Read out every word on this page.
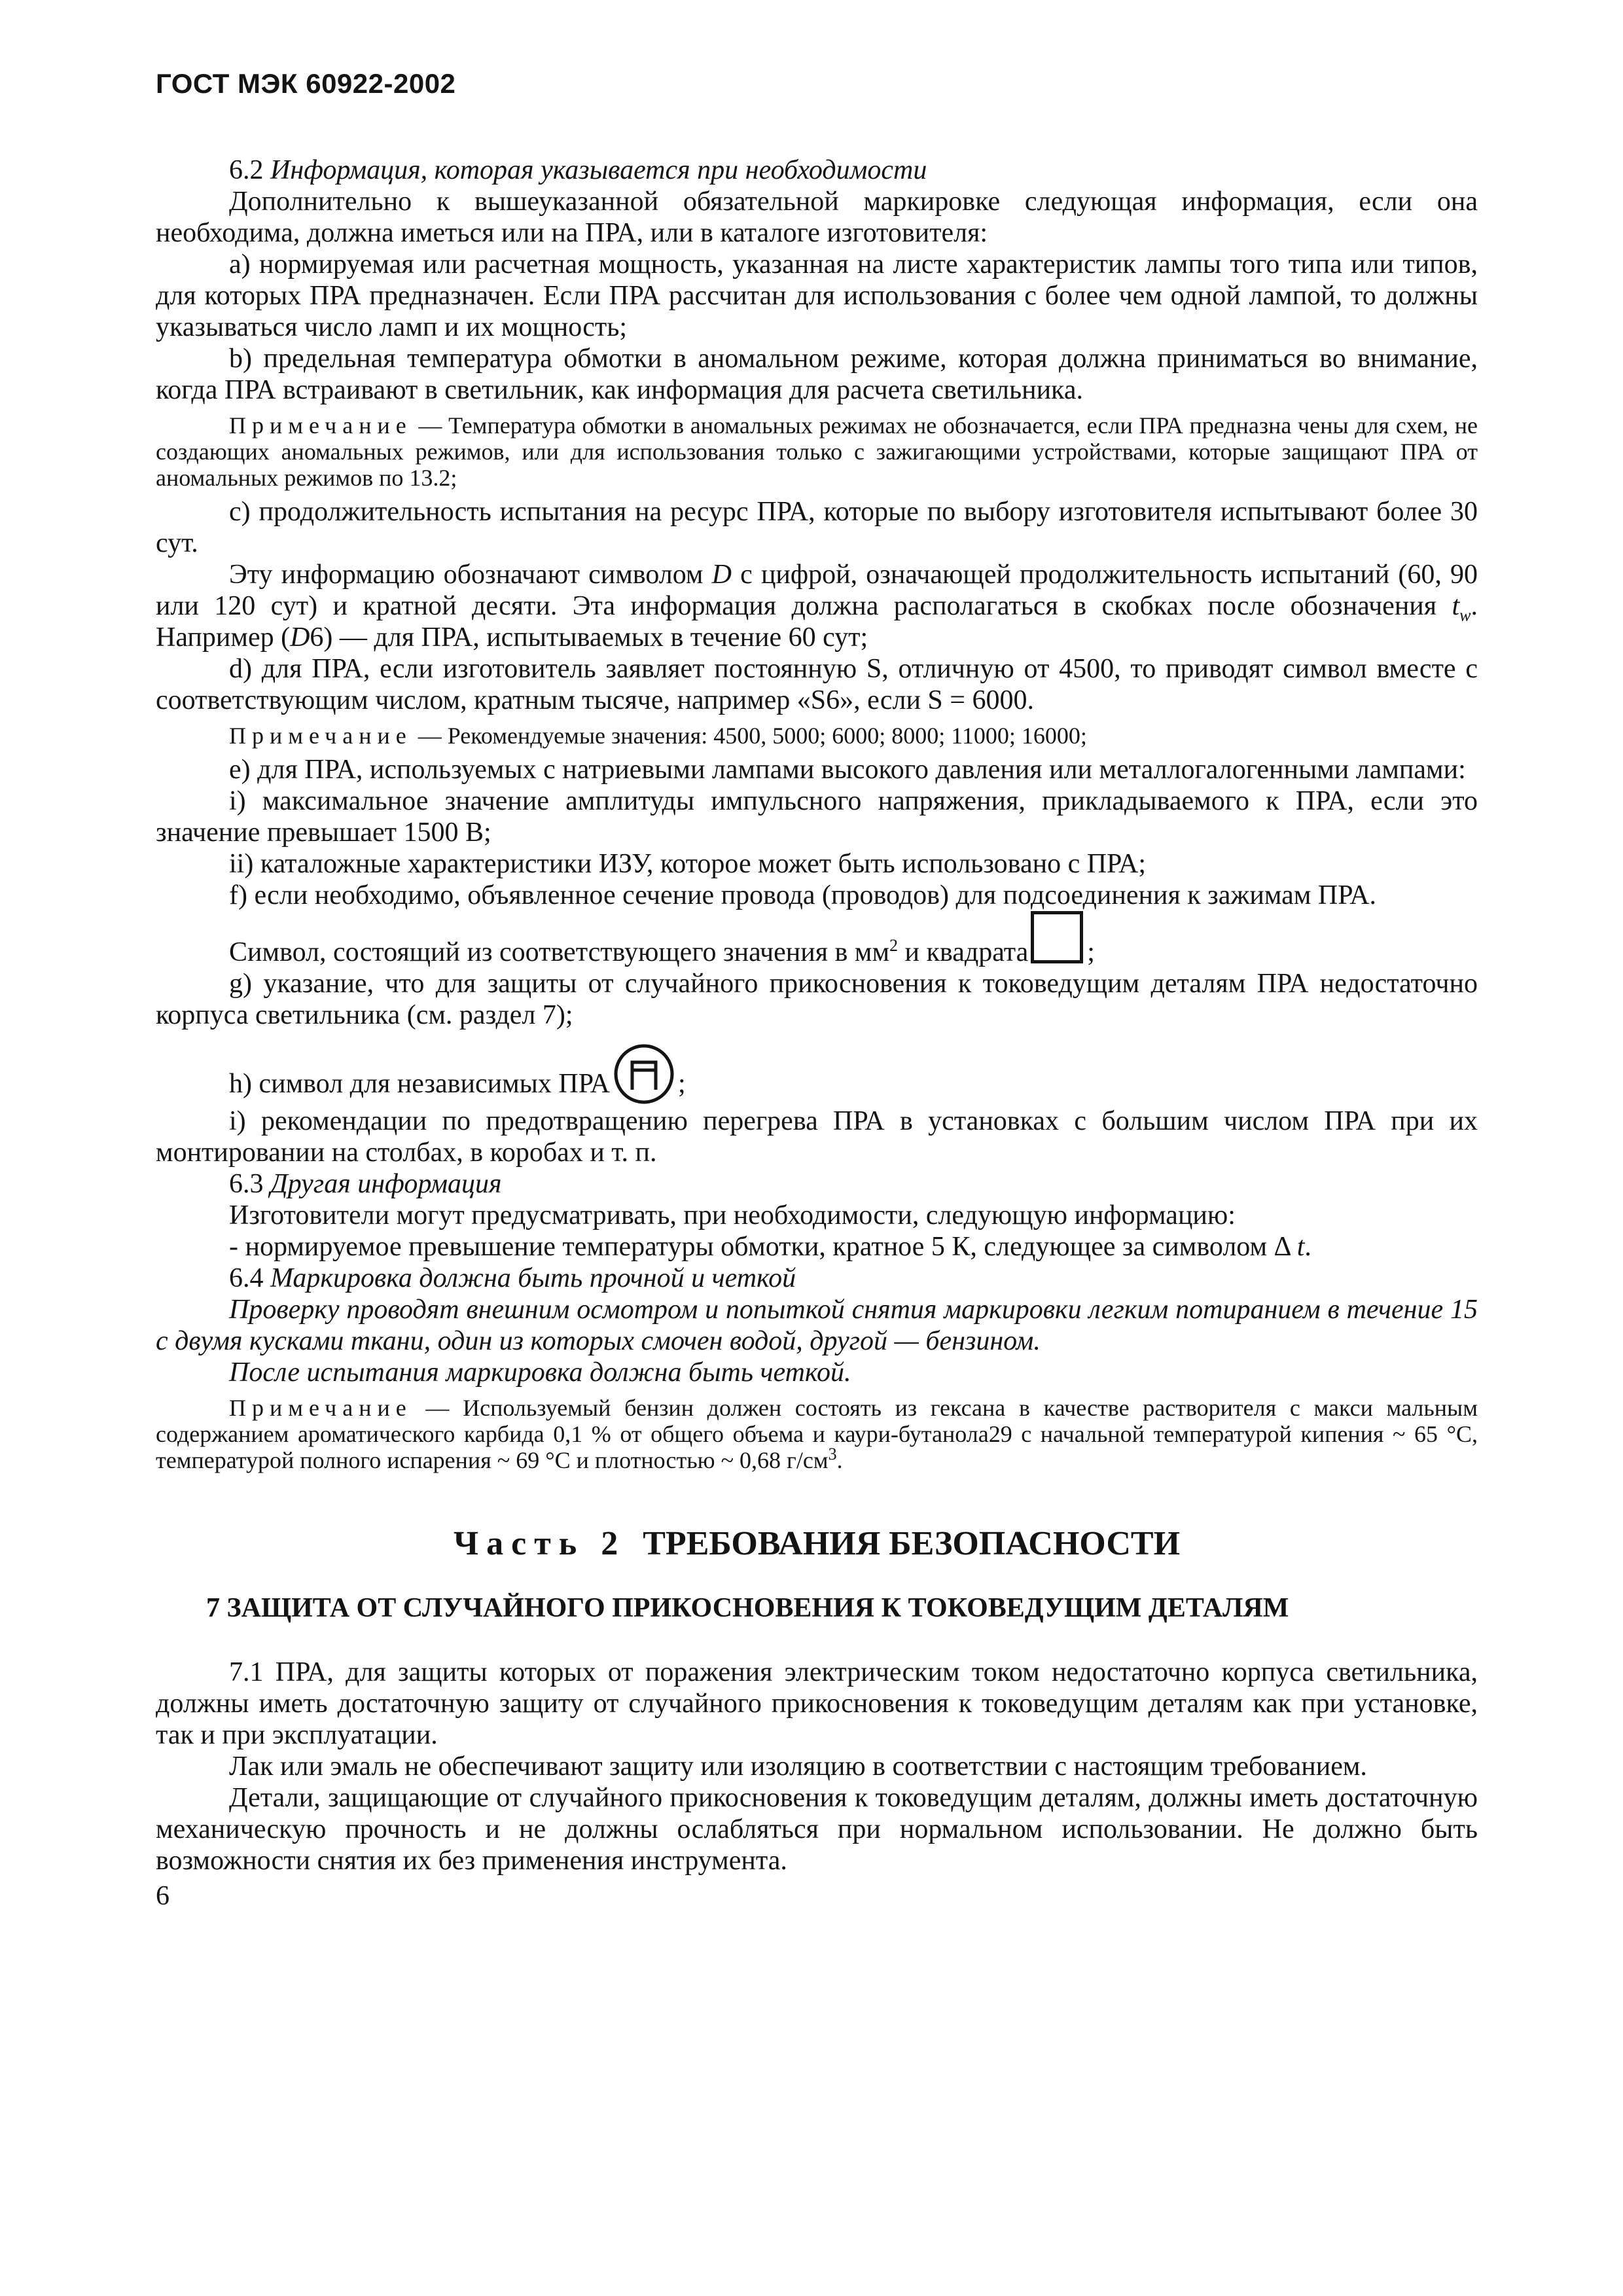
ГОСТ МЭК 60922-2002

6.2 Информация, которая указывается при необходимости

Дополнительно к вышеуказанной обязательной маркировке следующая информация, если она необходима, должна иметься или на ПРА, или в каталоге изготовителя:

a) нормируемая или расчетная мощность, указанная на листе характеристик лампы того типа или типов, для которых ПРА предназначен. Если ПРА рассчитан для использования с более чем одной лампой, то должны указываться число ламп и их мощность;

b) предельная температура обмотки в аномальном режиме, которая должна приниматься во внимание, когда ПРА встраивают в светильник, как информация для расчета светильника.

Примечание — Температура обмотки в аномальных режимах не обозначается, если ПРА предназна чены для схем, не создающих аномальных режимов, или для использования только с зажигающими устройствами, которые защищают ПРА от аномальных режимов по 13.2;

c) продолжительность испытания на ресурс ПРА, которые по выбору изготовителя испытывают более 30 сут.

Эту информацию обозначают символом D с цифрой, означающей продолжительность испытаний (60, 90 или 120 сут) и кратной десяти. Эта информация должна располагаться в скобках после обозначения $t_w$. Например (D6) — для ПРА, испытываемых в течение 60 сут;

d) для ПРА, если изготовитель заявляет постоянную S, отличную от 4500, то приводят символ вместе с соответствующим числом, кратным тысяче, например «S6», если S = 6000.

Примечание — Рекомендуемые значения: 4500, 5000; 6000; 8000; 11000; 16000;

e) для ПРА, используемых с натриевыми лампами высокого давления или металлогалогенными лампами:

i) максимальное значение амплитуды импульсного напряжения, прикладываемого к ПРА, если это значение превышает 1500 В;

ii) каталожные характеристики ИЗУ, которое может быть использовано с ПРА;

f) если необходимо, объявленное сечение провода (проводов) для подсоединения к зажимам ПРА.

Символ, состоящий из соответствующего значения в $мм^2$ и квадрата ;

g) указание, что для защиты от случайного прикосновения к токоведущим деталям ПРА недостаточно корпуса светильника (см. раздел 7);

h) символ для независимых ПРА ;

i) рекомендации по предотвращению перегрева ПРА в установках с большим числом ПРА при их монтировании на столбах, в коробах и т. п.

6.3 Другая информация

Изготовители могут предусматривать, при необходимости, следующую информацию:

- нормируемое превышение температуры обмотки, кратное 5 К, следующее за символом Δ t.

6.4 Маркировка должна быть прочной и четкой

Проверку проводят внешним осмотром и попыткой снятия маркировки легким потиранием в течение 15 с двумя кусками ткани, один из которых смочен водой, другой — бензином.

После испытания маркировка должна быть четкой.

Примечание — Используемый бензин должен состоять из гексана в качестве растворителя с макси мальным содержанием ароматического карбида 0,1 % от общего объема и каури-бутанола29 с начальной температурой кипения ~ 65 °C, температурой полного испарения ~ 69 °C и плотностью ~ 0,68 $г/см^3$.

Часть 2 ТРЕБОВАНИЯ БЕЗОПАСНОСТИ

7 ЗАЩИТА ОТ СЛУЧАЙНОГО ПРИКОСНОВЕНИЯ К ТОКОВЕДУЩИМ ДЕТАЛЯМ

7.1 ПРА, для защиты которых от поражения электрическим током недостаточно корпуса светильника, должны иметь достаточную защиту от случайного прикосновения к токоведущим деталям как при установке, так и при эксплуатации.

Лак или эмаль не обеспечивают защиту или изоляцию в соответствии с настоящим требованием.

Детали, защищающие от случайного прикосновения к токоведущим деталям, должны иметь достаточную механическую прочность и не должны ослабляться при нормальном использовании. Не должно быть возможности снятия их без применения инструмента.

6
